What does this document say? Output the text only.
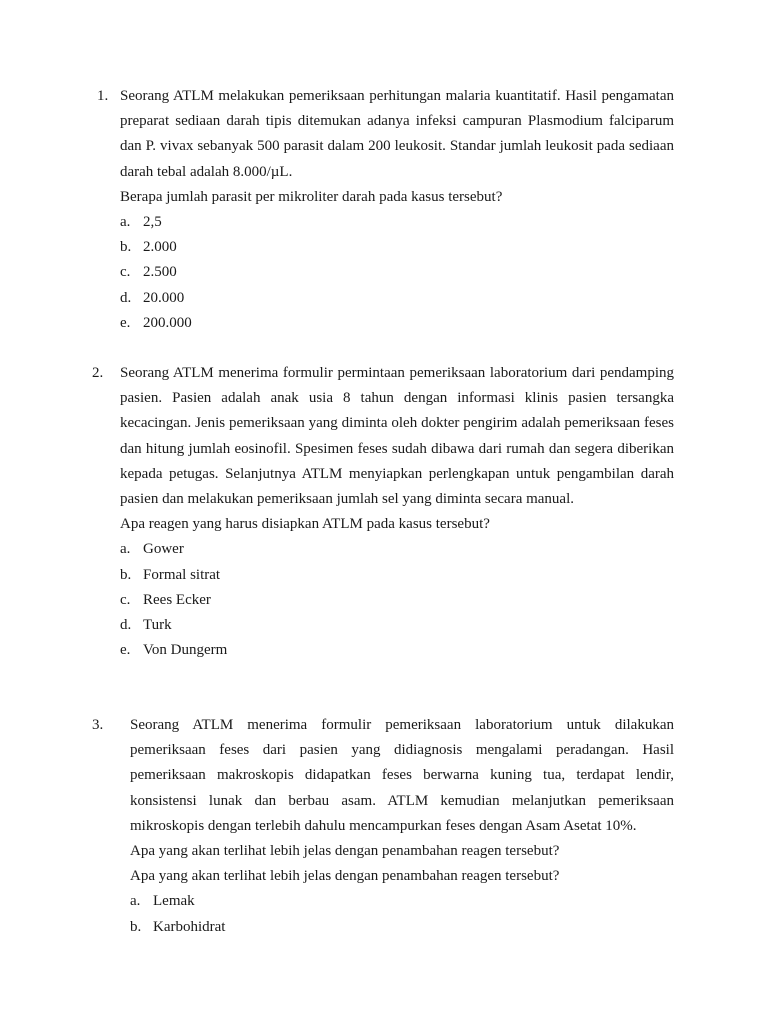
1. Seorang ATLM melakukan pemeriksaan perhitungan malaria kuantitatif. Hasil pengamatan preparat sediaan darah tipis ditemukan adanya infeksi campuran Plasmodium falciparum dan P. vivax sebanyak 500 parasit dalam 200 leukosit. Standar jumlah leukosit pada sediaan darah tebal adalah 8.000/µL.

Berapa jumlah parasit per mikroliter darah pada kasus tersebut?

a. 2,5
b. 2.000
c. 2.500
d. 20.000
e. 200.000
2. Seorang ATLM menerima formulir permintaan pemeriksaan laboratorium dari pendamping pasien. Pasien adalah anak usia 8 tahun dengan informasi klinis pasien tersangka kecacingan. Jenis pemeriksaan yang diminta oleh dokter pengirim adalah pemeriksaan feses dan hitung jumlah eosinofil. Spesimen feses sudah dibawa dari rumah dan segera diberikan kepada petugas. Selanjutnya ATLM menyiapkan perlengkapan untuk pengambilan darah pasien dan melakukan pemeriksaan jumlah sel yang diminta secara manual.

Apa reagen yang harus disiapkan ATLM pada kasus tersebut?

a. Gower
b. Formal sitrat
c. Rees Ecker
d. Turk
e. Von Dungerm
3. Seorang ATLM menerima formulir pemeriksaan laboratorium untuk dilakukan pemeriksaan feses dari pasien yang didiagnosis mengalami peradangan. Hasil pemeriksaan makroskopis didapatkan feses berwarna kuning tua, terdapat lendir, konsistensi lunak dan berbau asam. ATLM kemudian melanjutkan pemeriksaan mikroskopis dengan terlebih dahulu mencampurkan feses dengan Asam Asetat 10%.

Apa yang akan terlihat lebih jelas dengan penambahan reagen tersebut?

Apa yang akan terlihat lebih jelas dengan penambahan reagen tersebut?

a. Lemak
b. Karbohidrat
